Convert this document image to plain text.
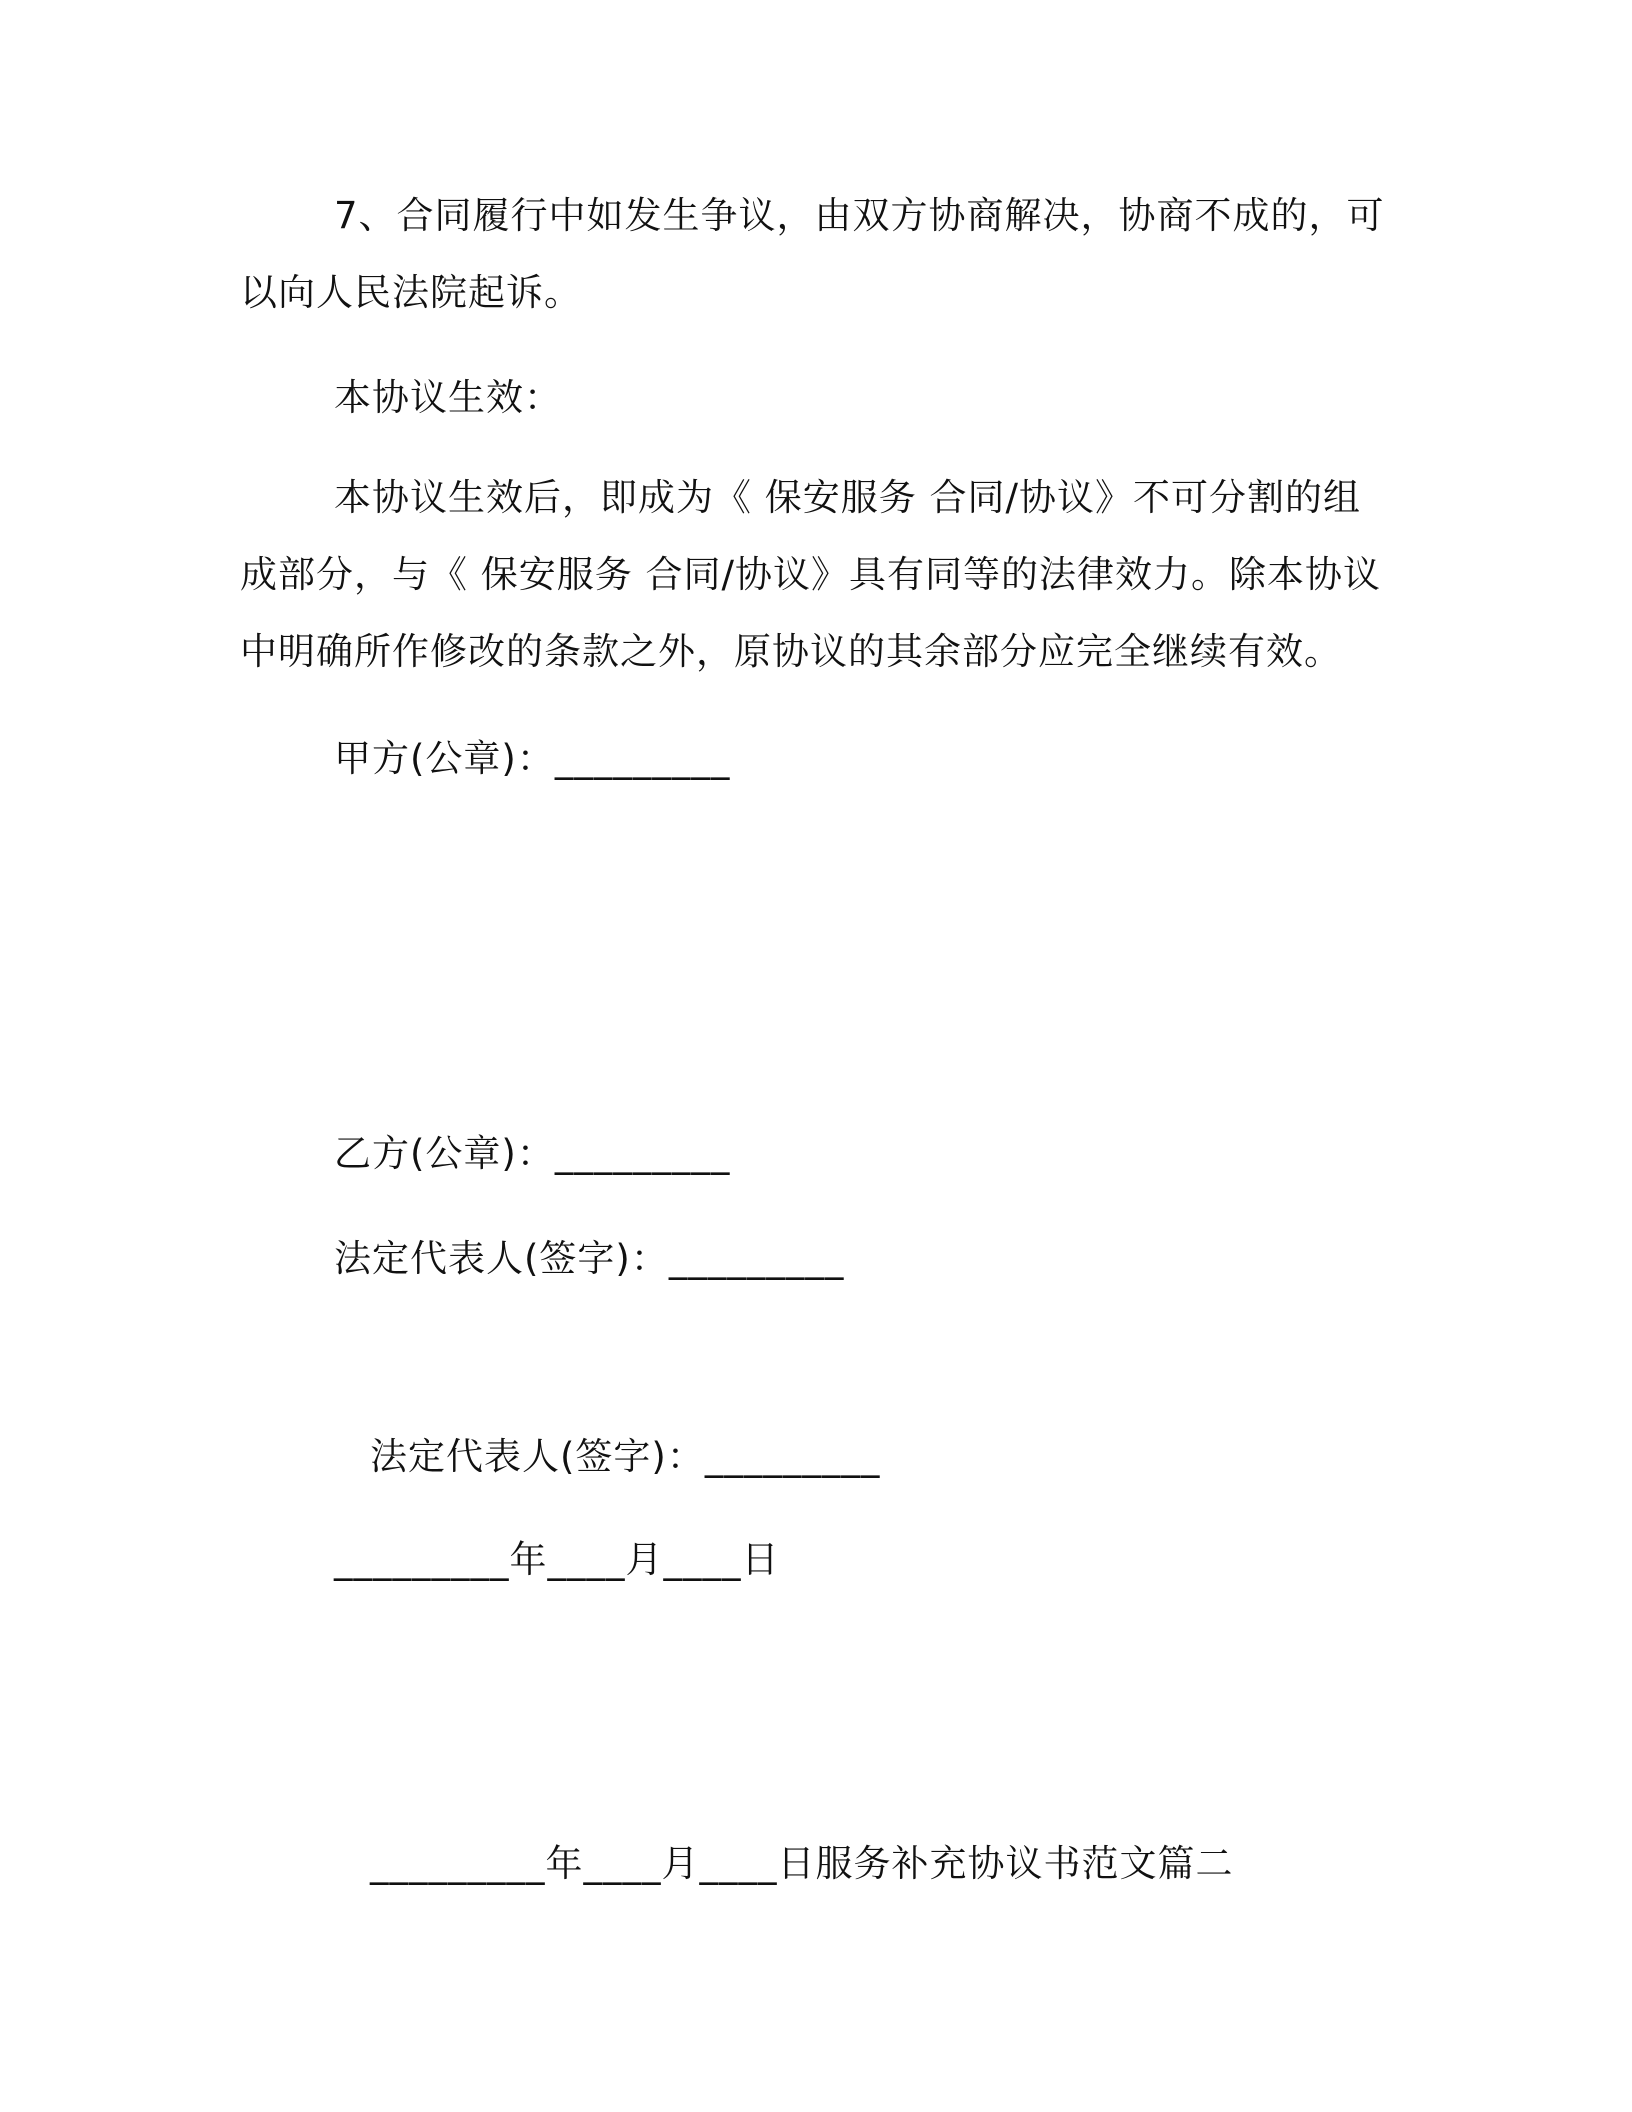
7、合同履行中如发生争议，由双方协商解决，协商不成的，可以向人民法院起诉。

本协议生效：

本协议生效后，即成为《 保安服务 合同/协议》不可分割的组成部分，与《 保安服务 合同/协议》具有同等的法律效力。除本协议中明确所作修改的条款之外，原协议的其余部分应完全继续有效。

甲方(公章)：_________
乙方(公章)：_________
法定代表人(签字)：_________
法定代表人(签字)：_________
_________年____月____日
_________年____月____日服务补充协议书范文篇二
